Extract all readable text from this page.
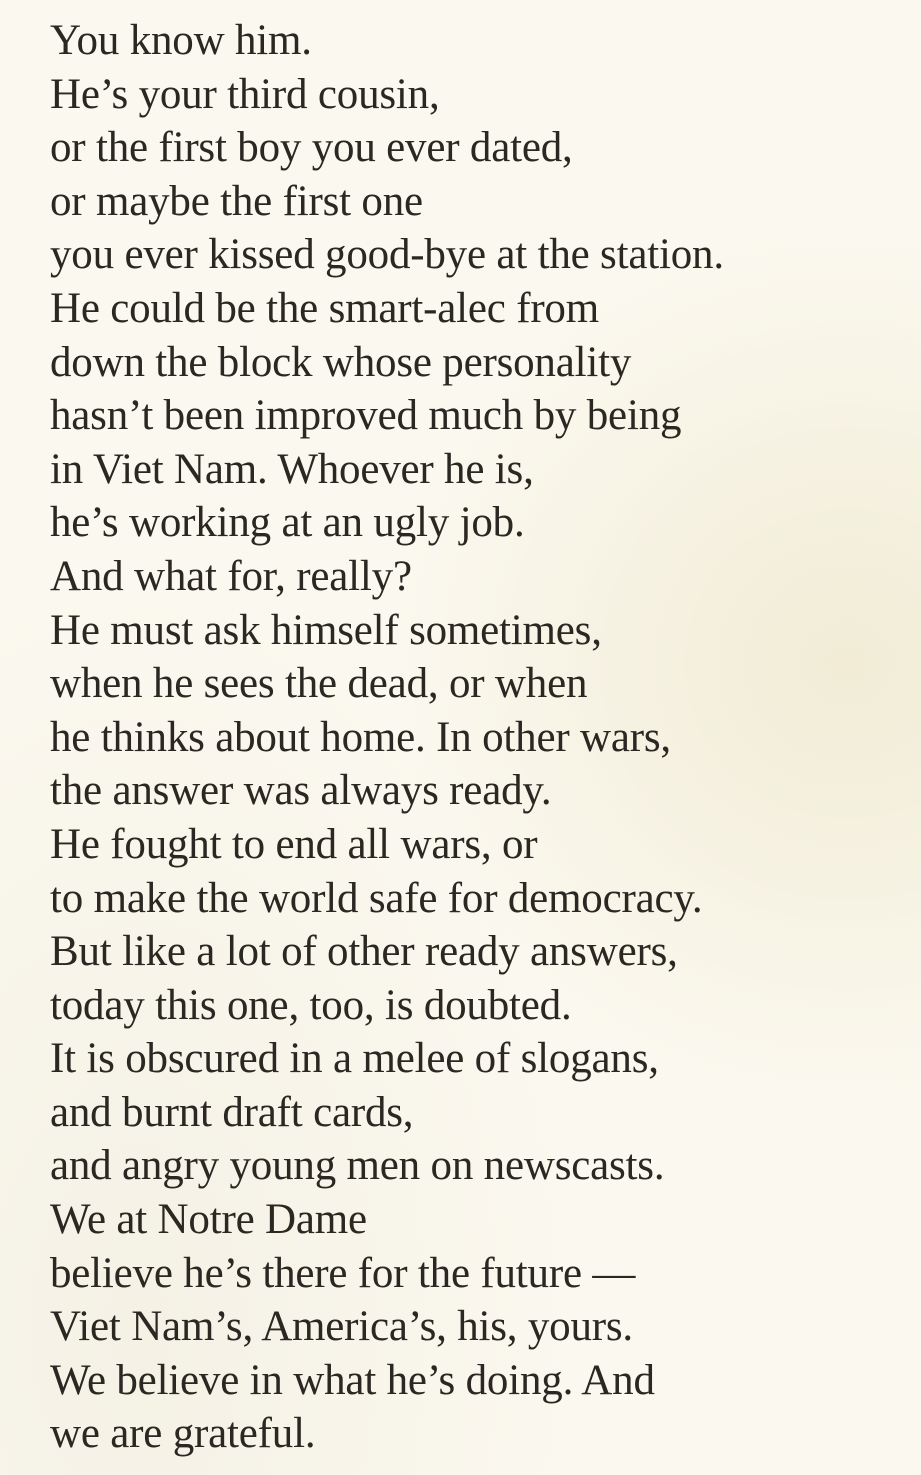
You know him.
He’s your third cousin,
or the first boy you ever dated,
or maybe the first one
you ever kissed good-bye at the station.
He could be the smart-alec from
down the block whose personality
hasn’t been improved much by being
in Viet Nam. Whoever he is,
he’s working at an ugly job.
And what for, really?
He must ask himself sometimes,
when he sees the dead, or when
he thinks about home. In other wars,
the answer was always ready.
He fought to end all wars, or
to make the world safe for democracy.
But like a lot of other ready answers,
today this one, too, is doubted.
It is obscured in a melee of slogans,
and burnt draft cards,
and angry young men on newscasts.
We at Notre Dame
believe he’s there for the future —
Viet Nam’s, America’s, his, yours.
We believe in what he’s doing. And
we are grateful.
